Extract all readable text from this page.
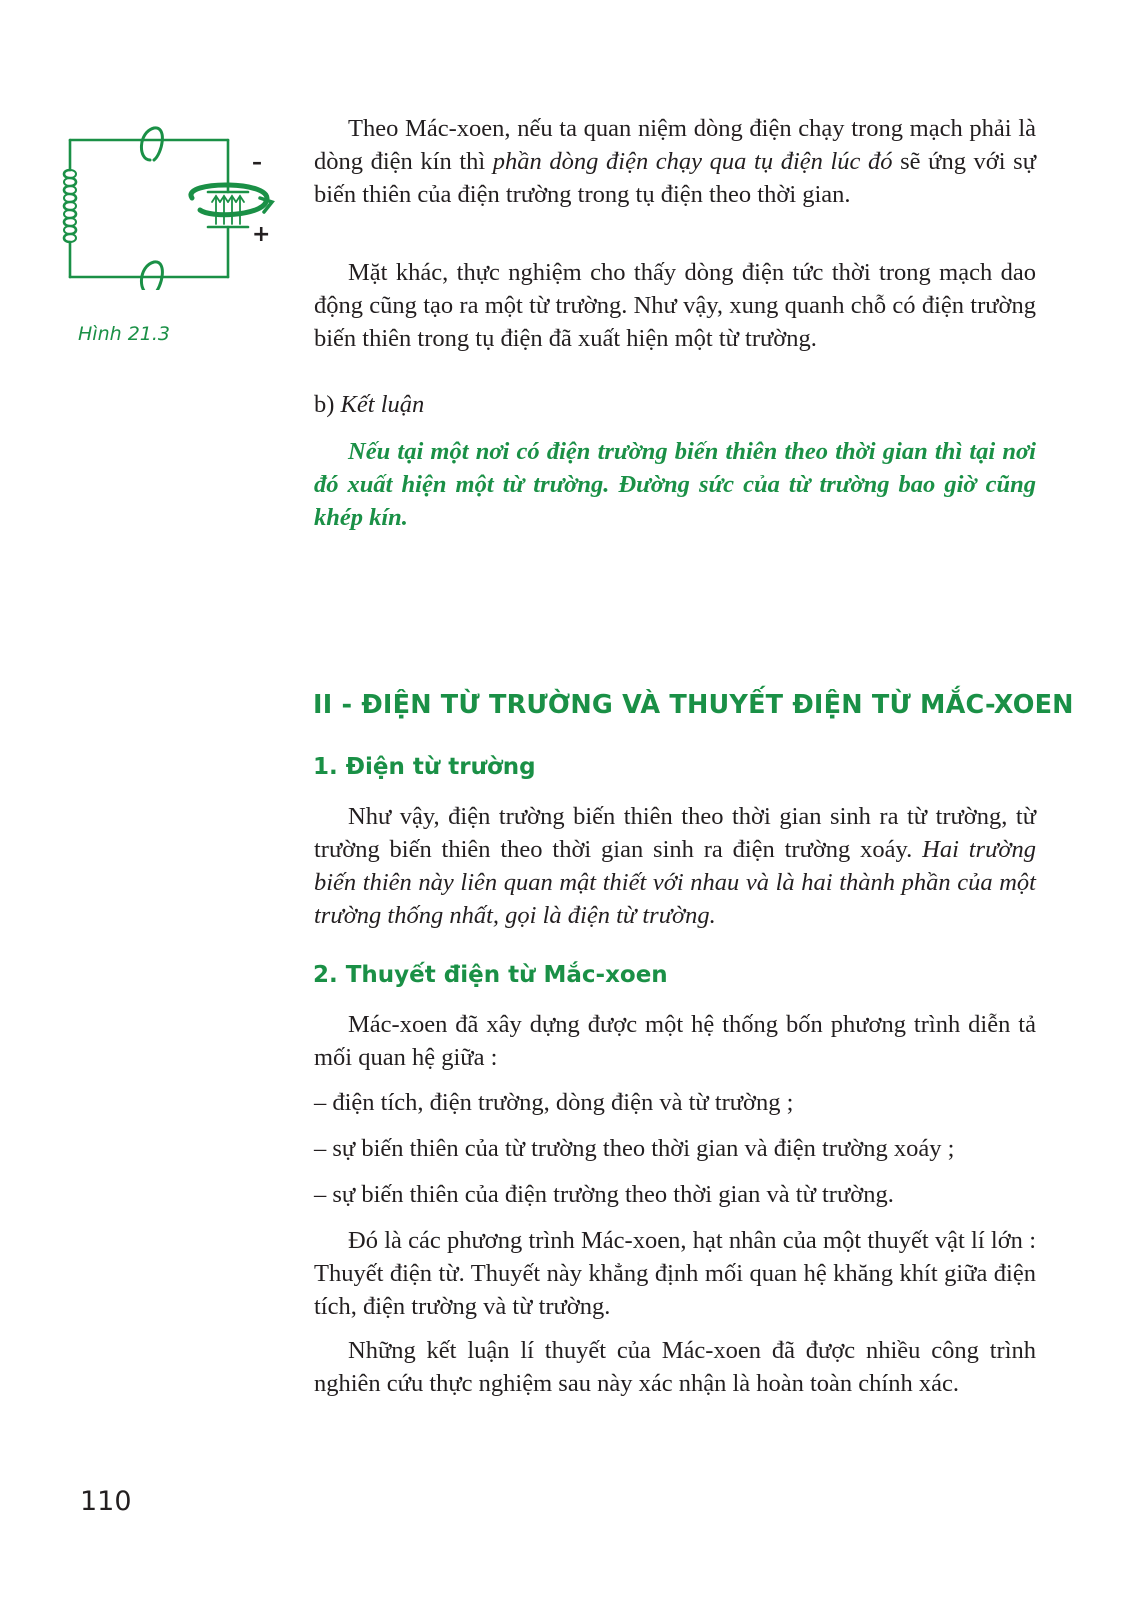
–
+
Hình 21.3

Theo Mác-xoen, nếu ta quan niệm dòng điện chạy trong mạch phải là dòng điện kín thì phần dòng điện chạy qua tụ điện lúc đó sẽ ứng với sự biến thiên của điện trường trong tụ điện theo thời gian.

Mặt khác, thực nghiệm cho thấy dòng điện tức thời trong mạch dao động cũng tạo ra một từ trường. Như vậy, xung quanh chỗ có điện trường biến thiên trong tụ điện đã xuất hiện một từ trường.

b) Kết luận

Nếu tại một nơi có điện trường biến thiên theo thời gian thì tại nơi đó xuất hiện một từ trường. Đường sức của từ trường bao giờ cũng khép kín.

II - ĐIỆN TỪ TRƯỜNG VÀ THUYẾT ĐIỆN TỪ MẮC-XOEN
1. Điện từ trường

Như vậy, điện trường biến thiên theo thời gian sinh ra từ trường, từ trường biến thiên theo thời gian sinh ra điện trường xoáy. Hai trường biến thiên này liên quan mật thiết với nhau và là hai thành phần của một trường thống nhất, gọi là điện từ trường.

2. Thuyết điện từ Mắc-xoen

Mác-xoen đã xây dựng được một hệ thống bốn phương trình diễn tả mối quan hệ giữa :

– điện tích, điện trường, dòng điện và từ trường ;

– sự biến thiên của từ trường theo thời gian và điện trường xoáy ;

– sự biến thiên của điện trường theo thời gian và từ trường.

Đó là các phương trình Mác-xoen, hạt nhân của một thuyết vật lí lớn : Thuyết điện từ. Thuyết này khẳng định mối quan hệ khăng khít giữa điện tích, điện trường và từ trường.

Những kết luận lí thuyết của Mác-xoen đã được nhiều công trình nghiên cứu thực nghiệm sau này xác nhận là hoàn toàn chính xác.

110
